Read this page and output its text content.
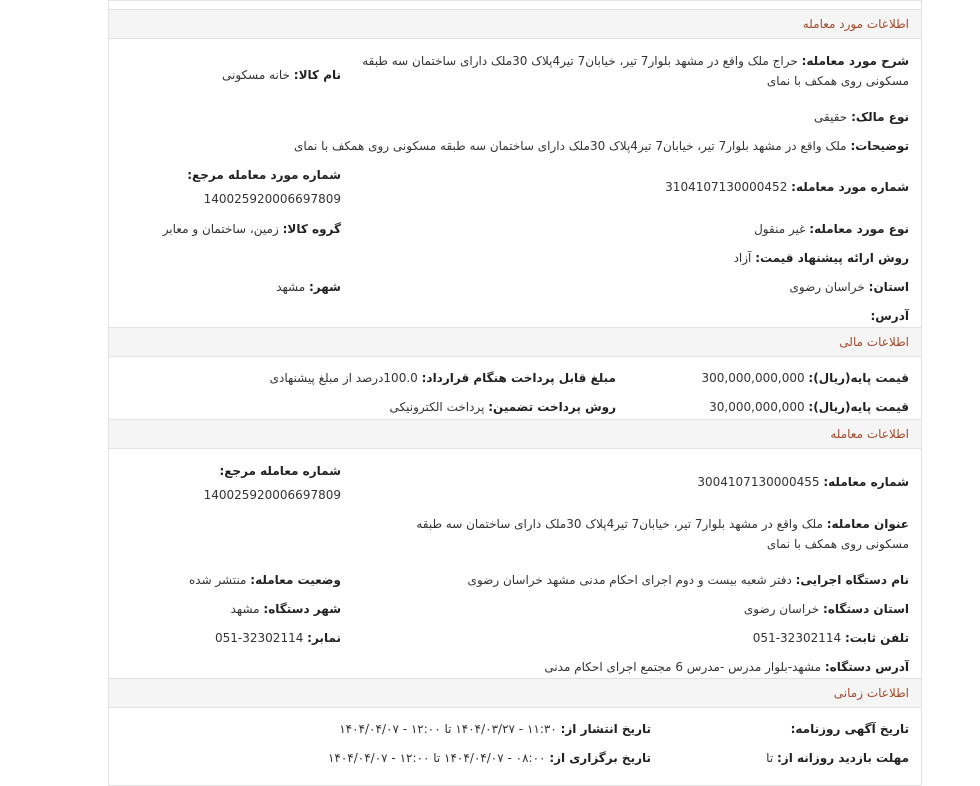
اطلاعات مورد معامله
شرح مورد معامله: حراج ملک واقع در مشهد بلوار7 تیر، خیابان7 تیر4پلاک 30ملک دارای ساختمان سه طبقه مسکونی روی همکف با نمای
نام کالا: خانه مسکونی
نوع مالک: حقیقی
توضیحات: ملک واقع در مشهد بلوار7 تیر، خیابان7 تیر4پلاک 30ملک دارای ساختمان سه طبقه مسکونی روی همکف با نمای
شماره مورد معامله مرجع:
140025920006697809
شماره مورد معامله: 3104107130000452
گروه کالا: زمین، ساختمان و معابر	نوع مورد معامله: غیر منقول
روش ارائه پیشنهاد قیمت: آزاد
شهر: مشهد	استان: خراسان رضوی
آدرس:
اطلاعات مالی
قیمت پایه(ریال): 300,000,000,000
مبلغ قابل پرداخت هنگام قرارداد: 100.0درصد از مبلغ پیشنهادی
قیمت پایه(ریال): 30,000,000,000
روش پرداخت تضمین: پرداخت الکترونیکی
اطلاعات معامله
شماره معامله مرجع:
140025920006697809
شماره معامله: 3004107130000455
عنوان معامله: ملک واقع در مشهد بلوار7 تیر، خیابان7 تیر4پلاک 30ملک دارای ساختمان سه طبقه مسکونی روی همکف با نمای
وضعیت معامله: منتشر شده	نام دستگاه اجرایی: دفتر شعبه بیست و دوم اجرای احکام مدنی مشهد خراسان رضوی
شهر دستگاه: مشهد	استان دستگاه: خراسان رضوی
نمابر: 32302114-051	تلفن ثابت: 32302114-051
آدرس دستگاه: مشهد-بلوار مدرس -مدرس 6 مجتمع اجرای احکام مدنی
اطلاعات زمانی
تاریخ آگهی روزنامه:
تاریخ انتشار از: ۱۱:۳۰ - ۱۴۰۴/۰۳/۲۷ تا ۱۲:۰۰ - ۱۴۰۴/۰۴/۰۷
مهلت بازدید روزانه از: تا
تاریخ برگزاری از: ۰۸:۰۰ - ۱۴۰۴/۰۴/۰۷ تا ۱۲:۰۰ - ۱۴۰۴/۰۴/۰۷
